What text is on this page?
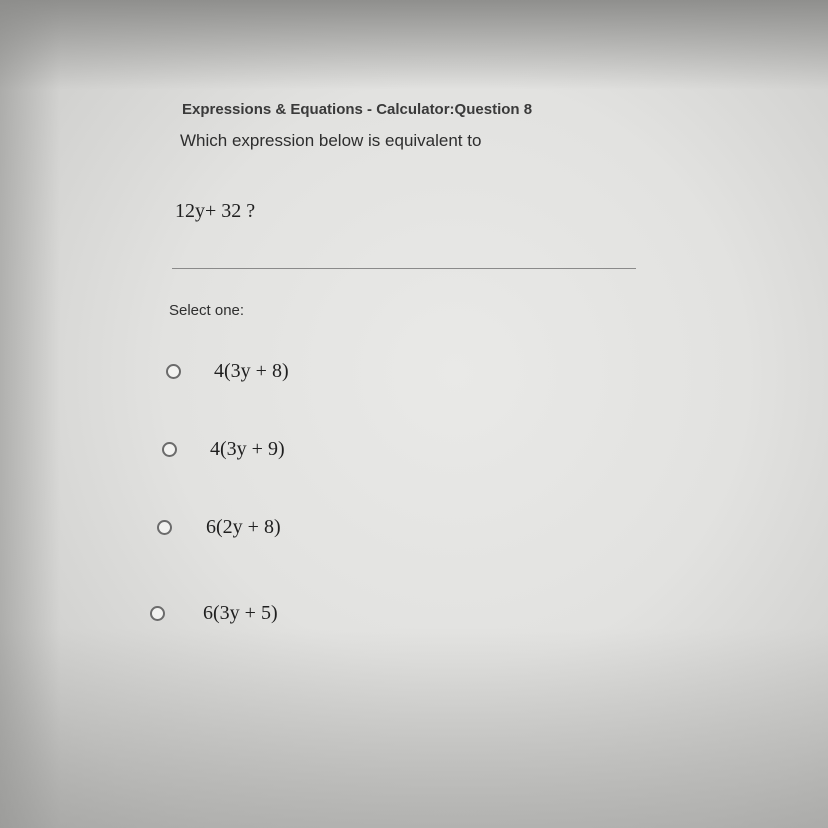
Expressions & Equations - Calculator:Question 8
Which expression below is equivalent to
12y+ 32 ?
Select one:
4(3y + 8)
4(3y + 9)
6(2y + 8)
6(3y + 5)
